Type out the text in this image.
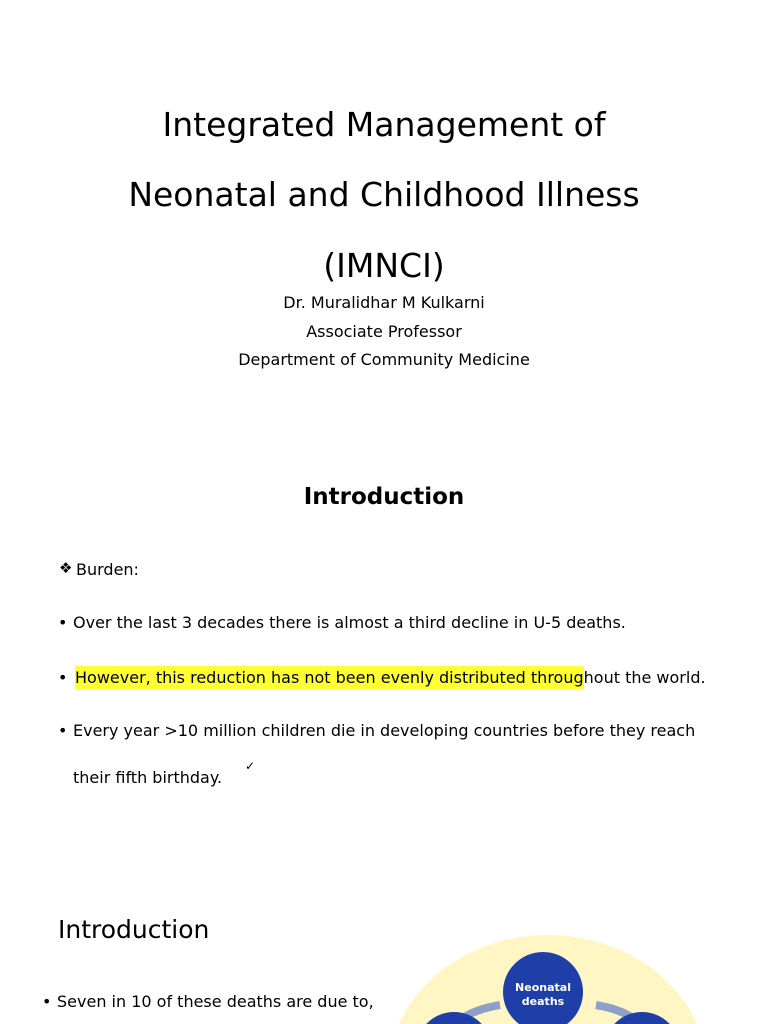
Integrated Management of
Neonatal and Childhood Illness
(IMNCI)
Dr. Muralidhar M Kulkarni
Associate Professor
Department of Community Medicine
Introduction
❖ Burden:
• Over the last 3 decades there is almost a third decline in U-5 deaths.
• However, this reduction has not been evenly distributed throughout the world.
• Every year >10 million children die in developing countries before they reach
their fifth birthday.
✓
Introduction
• Seven in 10 of these deaths are due to,
Neonatal
deaths
